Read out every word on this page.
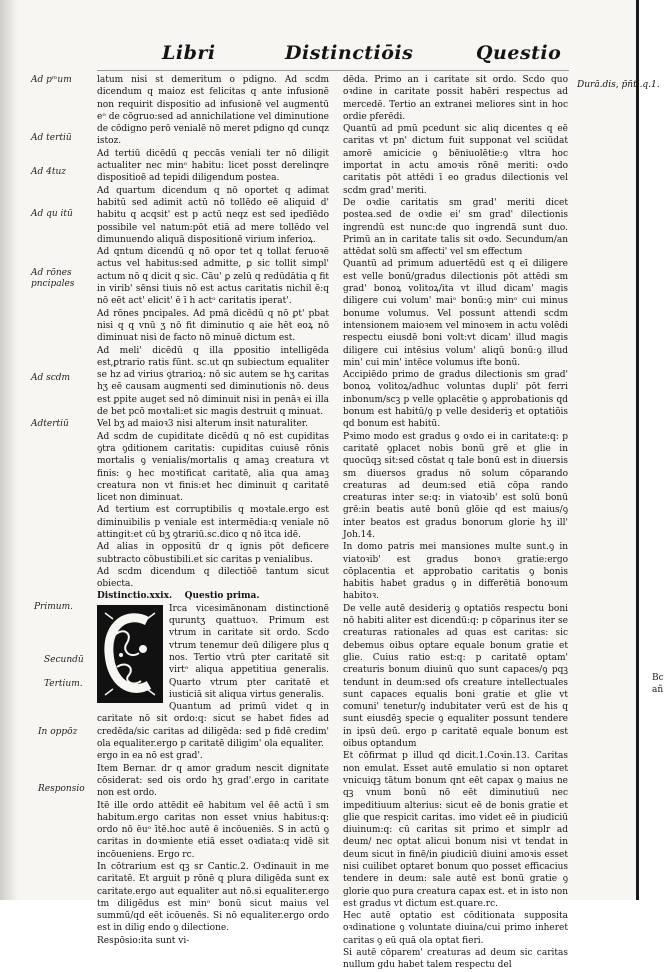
Bc
añ
Libri	Distinctiōis	Questio
Ad pᵐum
Ad tertiū
Ad 4tuz
Ad qu itū
Ad rōnes pncipales
Ad scdm
Adtertiū
Primum.
Secundū
Tertium.
In oppōz
Responsio
Durā.dis, p̄n̄ti.q.1.

latum nisi st demeritum o pdigno. Ad scdm dicendum q maioz est felicitas q ante infusionē non requirit dispositio ad infusionē vel augmentū eᵒ de cōgruo:sed ad annichilatione vel diminutione de cōdigno perō venialē nō meret pdigno qd cunqz istoz.

Ad tertiū dicēdū q peccās veniali ter nō diligit actualiter nec minᵒ habitu: licet posst derelinqre dispositioē ad tepidi diligendum postea.

Ad quartum dicendum q nō oportet q adimat habitū sed adimit actū nō tollēdo eē aliquid d' habitu q acqsit' est p actū neqz est sed ipedīēdo possibile vel natum:pōt etiā ad mere tollēdo vel dimunuendo aliquā dispositionē virium inferioꝝ.

Ad qntum dicendū q nō opor tet q tollat feruoꝛē actus vel habitus:sed admitte, ꝑ sic tollit simpl' actum nō q dicit q sic. Cāu' ꝑ zelū q redūdātia q fit in virib' sēnsi tiuis nō est actus caritatis nichil ē:q nō eēt act' elicit' ē ī h actᵒ caritatis iperat'.

Ad rōnes pncipales. Ad pmā dicēdū q nō ꝑt' pbat nisi q q vnū ʒ nō fit diminutio q aie hēt eoꝝ nō diminuat nisi de facto nō minuē dictum est.

Ad meli' dicēdū q illa ꝑpositio intelligēda est,ꝑtrario ratis fūnt. sc.ut qn subiectum equaliter se hz ad virius ꝯtrarioꝝ: nō sic autem se hʒ caritas hʒ eē causam augmenti sed diminutionis nō. deus est ꝑpite auget sed nō diminuit nisi in penāꝛ ei illa de bet pcō moꝛtali:et sic magis destruit q minuat.

Vel bʒ ad maioꝛ3 nisi alterum insit naturaliter.

Ad scdm de cupiditate dicēdū q nō est cupiditas ꝯtra ꝯditionem caritatis: cupiditas cuiusē rōnis mortalis ꝯ venialis/mortalis q amaꝫ creatura vt finis: ꝯ hec moꝛtificat caritatē, alia qua amaꝫ creatura non vt finis:et hec diminuit q caritatē licet non diminuat.

Ad tertium est corruptibilis q moꝛtale.ergo est diminuibilis p veniale est intermēdia:q veniale nō attingit:et cū bʒ ꝯtrariū.sc.dico q nō ītca idē.

Ad alias in oppositū dr q ignis pōt deficere subtracto cōbustibili.et sic caritas p venialibus.

Ad scdm dicendum q dilectiōē tantum sicut obiecta.

Distinctio.xxix. Questio prima.

Irca vicesimānonam distinctionē quruntʒ quattuoꝛ. Primum est vtrum in caritate sit ordo. Scdo vtrum tenemur deū diligere plus q nos. Tertio vtrū pter caritatē sit virtᵒ aliqua appetitiua generalis. Quarto vtrum pter caritatē et iusticiā sit aliqua virtus generalis.

Quantum ad primū videt q in caritate nō sit ordo:q: sicut se habet fides ad credēda/sic caritas ad diligēda: sed p fidē credim' ola equaliter.ergo p caritatē diligim' ola equaliter.

ergo in ea nō est grad'.

Item Bernar. dr q amor gradum nescit dignitate cōsiderat: sed ois ordo hʒ grad'.ergo in caritate non est ordo.

Itē ille ordo attēdit eē habitum vel ēē actū ī sm habitum.ergo caritas non esset vnius habitus:q: ordo nō ēuᵒ ītē.hoc autē ē incōueniēs. S in actū ꝯ caritas in doꝛmiente etiā esset oꝛdiata:q vidē sit incōueniens. Ergo rc.

In cōtrarium est qꝫ sr Cantic.2. Oꝛdinauit in me caritatē. Et arguit p rōnē q plura diligēda sunt ex caritate.ergo aut equaliter aut nō.si equaliter.ergo tm diligēdus est minᵒ bonū sicut maius vel summū/qd eēt icōuenēs. Si nō equaliter.ergo ordo est in dilig endo ꝯ dilectione.

Respōsio:ita sunt vi-

dēda. Primo an i caritate sit ordo. Scdo quo oꝛdine in caritate possit habēri respectus ad mercedē. Tertio an extranei meliores sint in hoc ordie pferēdi.

Quantū ad pmū pcedunt sic aliq dicentes q eē caritas vt pn' dictum fuit supponat vel sciūdat amorē amicicie ꝯ bēniuolētie:ꝯ vltra hoc importat in actu amoꝛis rōnē meriti: oꝛdo caritatis pōt attēdi ī eo gradus dilectionis vel scdm grad' meriti.

De oꝛdie caritatis sm grad' meriti dicet postea.sed de oꝛdie ei' sm grad' dilectionis ingrendū est nunc:de quo ingrendā sunt duo. Primū an in caritate talis sit oꝛdo. Secundum/an attēdat solū sm affecti' vel sm effectum

Quantū ad primum aduertēdū est q eī diligere est velle bonū/gradus dilectionis pōt attēdi sm grad' bonoꝝ volitoꝝ/ita vt illud dicam' magis diligere cui volum' maiᵒ bonū:ꝯ minᵒ cui minus bonume volumus. Vel possunt attendi scdm intensionem maioꝛem vel minoꝛem in actu volēdi respectu eiusdē boni volt:vt dicam' illud magis diligere cui intēsius volum' aliqū bonū:ꝯ illud min' cui min' intēce volumus ifte bonū.

Accipiēdo primo de gradus dilectionis sm grad' bonoꝝ volitoꝝ/adhuc voluntas dupli' pōt ferri inbonum/scꝫ p velle ꝯplacētie ꝯ approbationis qd bonum est habitū/ꝯ p velle desideriꝫ et optatiōis qd bonum est habitū.

Pꝛimo modo est gradus ꝯ oꝛdo ei in caritate:q: p caritatē ꝯplacet nobis bonū grē et glie in quocūqꝫ sit:sed cōstat q tale bonū est in diuersis sm diuersos gradus nō solum cōparando creaturas ad deum:sed etiā cōpa rando creaturas inter se:q: in viatoꝛib' est solū bonū grē:in beatis autē bonū glōie qd est maius/ꝯ inter beatos est gradus bonorum glorie hʒ ill' Joh.14.

In domo patris mei mansiones multe sunt.ꝯ in viatoꝛib' est gradus bonoꝛ gratie:ergo cōplacentia et approbatio caritatis ꝯ bonis habitis habet gradus ꝯ in differētiā bonoꝛum habitoꝛ.

De velle autē desideriꝫ ꝯ optatiōs respectu boni nō habiti aliter est dicendū:q: p cōparinus iter se creaturas rationales ad quas est caritas: sic debemus oibus optare equale bonum gratie et glie. Cuius ratio est:q: p caritatē optam' creaturis bonum diuinū quo sunt capaces/ꝯ pqꝫ tendunt in deum:sed ofs creature intellectuales sunt capaces equalis boni gratie et glie vt comuni' tenetur/ꝯ indubitater verū est de his q sunt eiusdēꝫ specie ꝯ equaliter possunt tendere in ipsū deū. ergo p caritatē equale bonum est oibus optandum

Et cōfirmat p illud qd dicit.1.Coꝛin.13. Caritas non emulat. Esset autē emulatio si non optaret vnicuiqꝫ tātum bonum qnt eēt capax ꝯ maius ne qꝫ vnum bonū nō eēt diminutiuū nec impeditiuum alterius: sicut eē de bonis gratie et glie que respicit caritas. imo videt eē in ꝑiudiciū diuinum:q: cū caritas sit primo et simplr ad deum/ nec optat alicui bonum nisi vt tendat in deum sicut in finē/in ꝑiudiciū diuini amoꝛis esset nisi cuilibet optaret bonum quo posset efficacius tendere in deum: sale autē est bonū gratie ꝯ glorie quo pura creatura capax est. et in isto non est gradus vt dictum est.quare.rc.

Hec autē optatio est cōditionata supposita oꝛdinatione ꝯ voluntate diuina/cui primo inheret caritas ꝯ eū quā ola optat fieri.

Si autē cōparem' creaturas ad deum sic caritas nullum gdu habet talem respectu del
